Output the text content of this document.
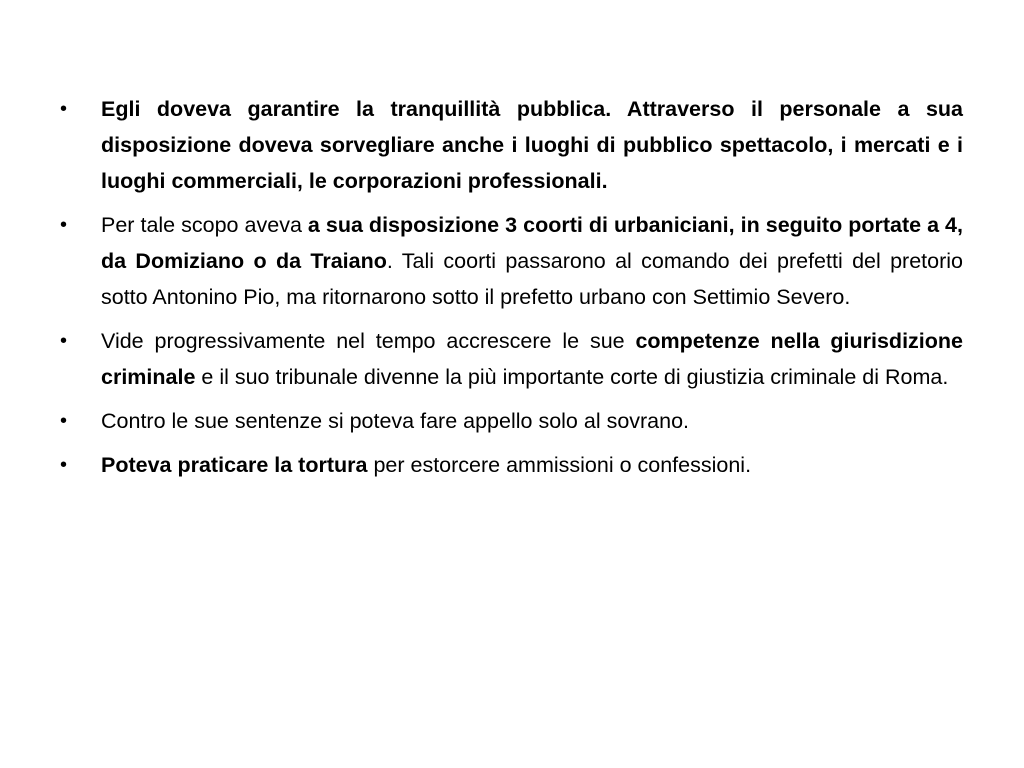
•	Egli doveva garantire la tranquillità pubblica. Attraverso il personale a sua disposizione doveva sorvegliare anche i luoghi di pubblico spettacolo, i mercati e i luoghi commerciali, le corporazioni professionali.
•	Per tale scopo aveva a sua disposizione 3 coorti di urbaniciani, in seguito portate a 4, da Domiziano o da Traiano. Tali coorti passarono al comando dei prefetti del pretorio sotto Antonino Pio, ma ritornarono sotto il prefetto urbano con Settimio Severo.
•	Vide progressivamente nel tempo accrescere le sue competenze nella giurisdizione criminale e il suo tribunale divenne la più importante corte di giustizia criminale di Roma.
•	Contro le sue sentenze si poteva fare appello solo al sovrano.
•	Poteva praticare la tortura per estorcere ammissioni o confessioni.
